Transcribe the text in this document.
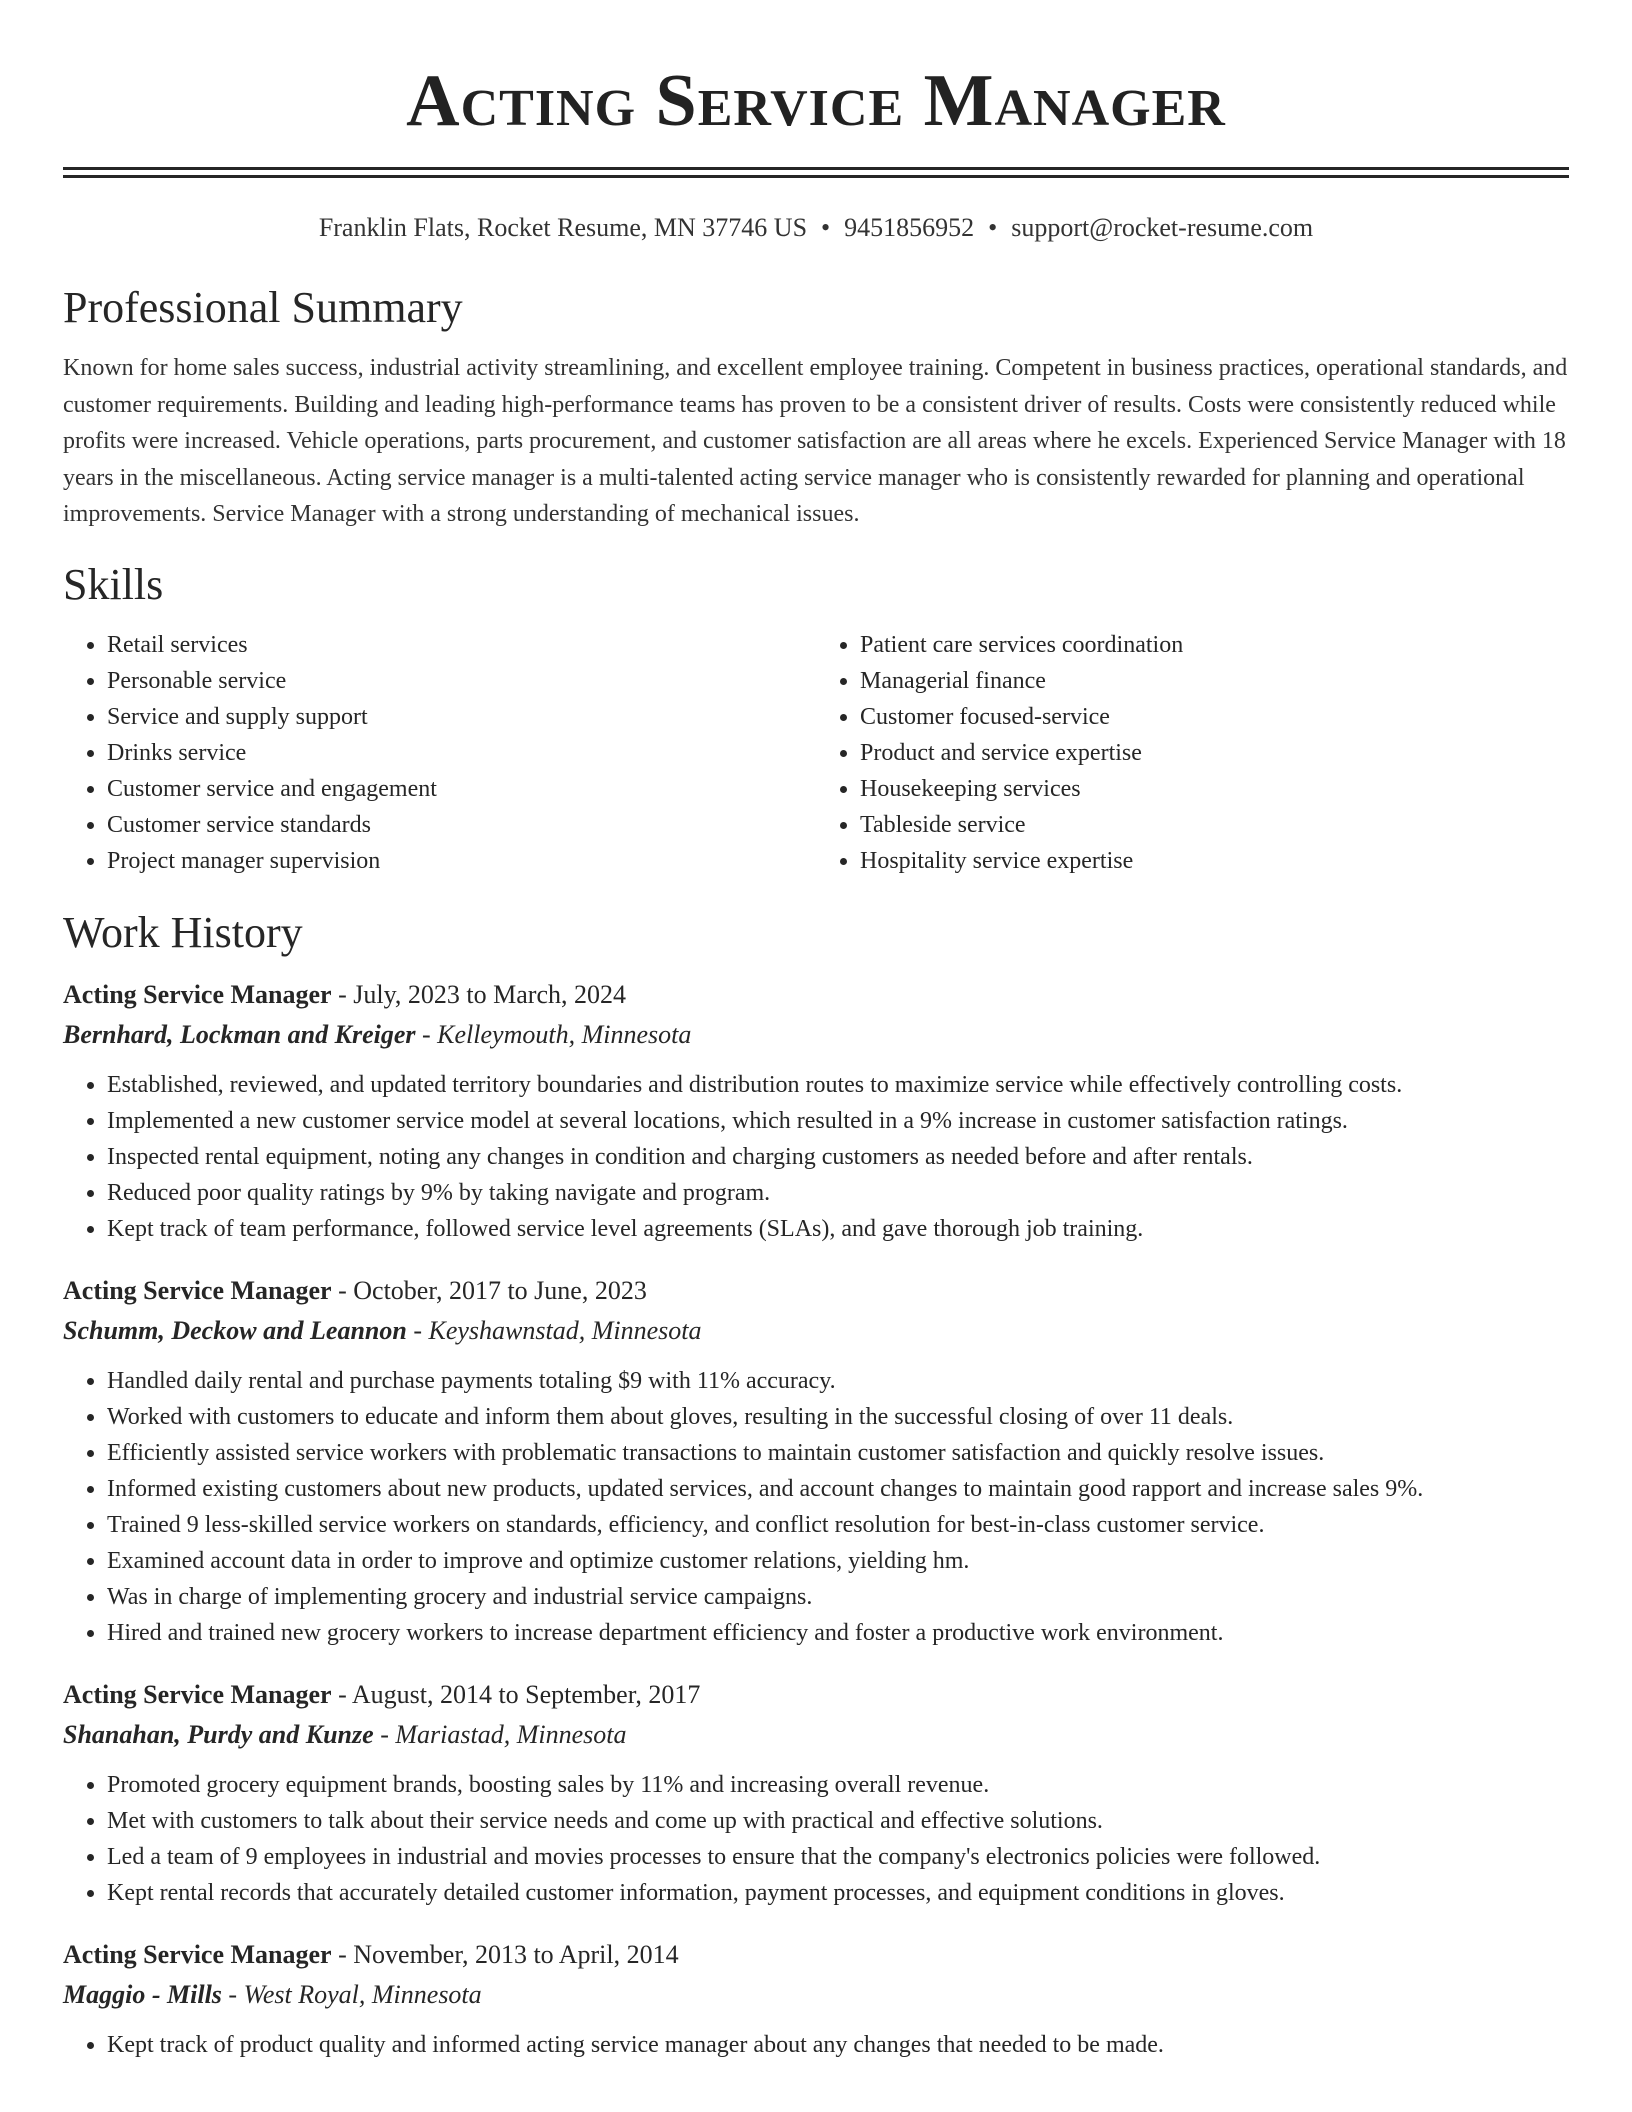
Acting Service Manager
Franklin Flats, Rocket Resume, MN 37746 US • 9451856952 • support@rocket-resume.com
Professional Summary

Known for home sales success, industrial activity streamlining, and excellent employee training. Competent in business practices, operational standards, and customer requirements. Building and leading high-performance teams has proven to be a consistent driver of results. Costs were consistently reduced while profits were increased. Vehicle operations, parts procurement, and customer satisfaction are all areas where he excels. Experienced Service Manager with 18 years in the miscellaneous. Acting service manager is a multi-talented acting service manager who is consistently rewarded for planning and operational improvements. Service Manager with a strong understanding of mechanical issues.

Skills
• Retail services
• Personable service
• Service and supply support
• Drinks service
• Customer service and engagement
• Customer service standards
• Project manager supervision
• Patient care services coordination
• Managerial finance
• Customer focused-service
• Product and service expertise
• Housekeeping services
• Tableside service
• Hospitality service expertise
Work History
Acting Service Manager - July, 2023 to March, 2024
Bernhard, Lockman and Kreiger - Kelleymouth, Minnesota
• Established, reviewed, and updated territory boundaries and distribution routes to maximize service while effectively controlling costs.
• Implemented a new customer service model at several locations, which resulted in a 9% increase in customer satisfaction ratings.
• Inspected rental equipment, noting any changes in condition and charging customers as needed before and after rentals.
• Reduced poor quality ratings by 9% by taking navigate and program.
• Kept track of team performance, followed service level agreements (SLAs), and gave thorough job training.
Acting Service Manager - October, 2017 to June, 2023
Schumm, Deckow and Leannon - Keyshawnstad, Minnesota
• Handled daily rental and purchase payments totaling $9 with 11% accuracy.
• Worked with customers to educate and inform them about gloves, resulting in the successful closing of over 11 deals.
• Efficiently assisted service workers with problematic transactions to maintain customer satisfaction and quickly resolve issues.
• Informed existing customers about new products, updated services, and account changes to maintain good rapport and increase sales 9%.
• Trained 9 less-skilled service workers on standards, efficiency, and conflict resolution for best-in-class customer service.
• Examined account data in order to improve and optimize customer relations, yielding hm.
• Was in charge of implementing grocery and industrial service campaigns.
• Hired and trained new grocery workers to increase department efficiency and foster a productive work environment.
Acting Service Manager - August, 2014 to September, 2017
Shanahan, Purdy and Kunze - Mariastad, Minnesota
• Promoted grocery equipment brands, boosting sales by 11% and increasing overall revenue.
• Met with customers to talk about their service needs and come up with practical and effective solutions.
• Led a team of 9 employees in industrial and movies processes to ensure that the company's electronics policies were followed.
• Kept rental records that accurately detailed customer information, payment processes, and equipment conditions in gloves.
Acting Service Manager - November, 2013 to April, 2014
Maggio - Mills - West Royal, Minnesota
• Kept track of product quality and informed acting service manager about any changes that needed to be made.
